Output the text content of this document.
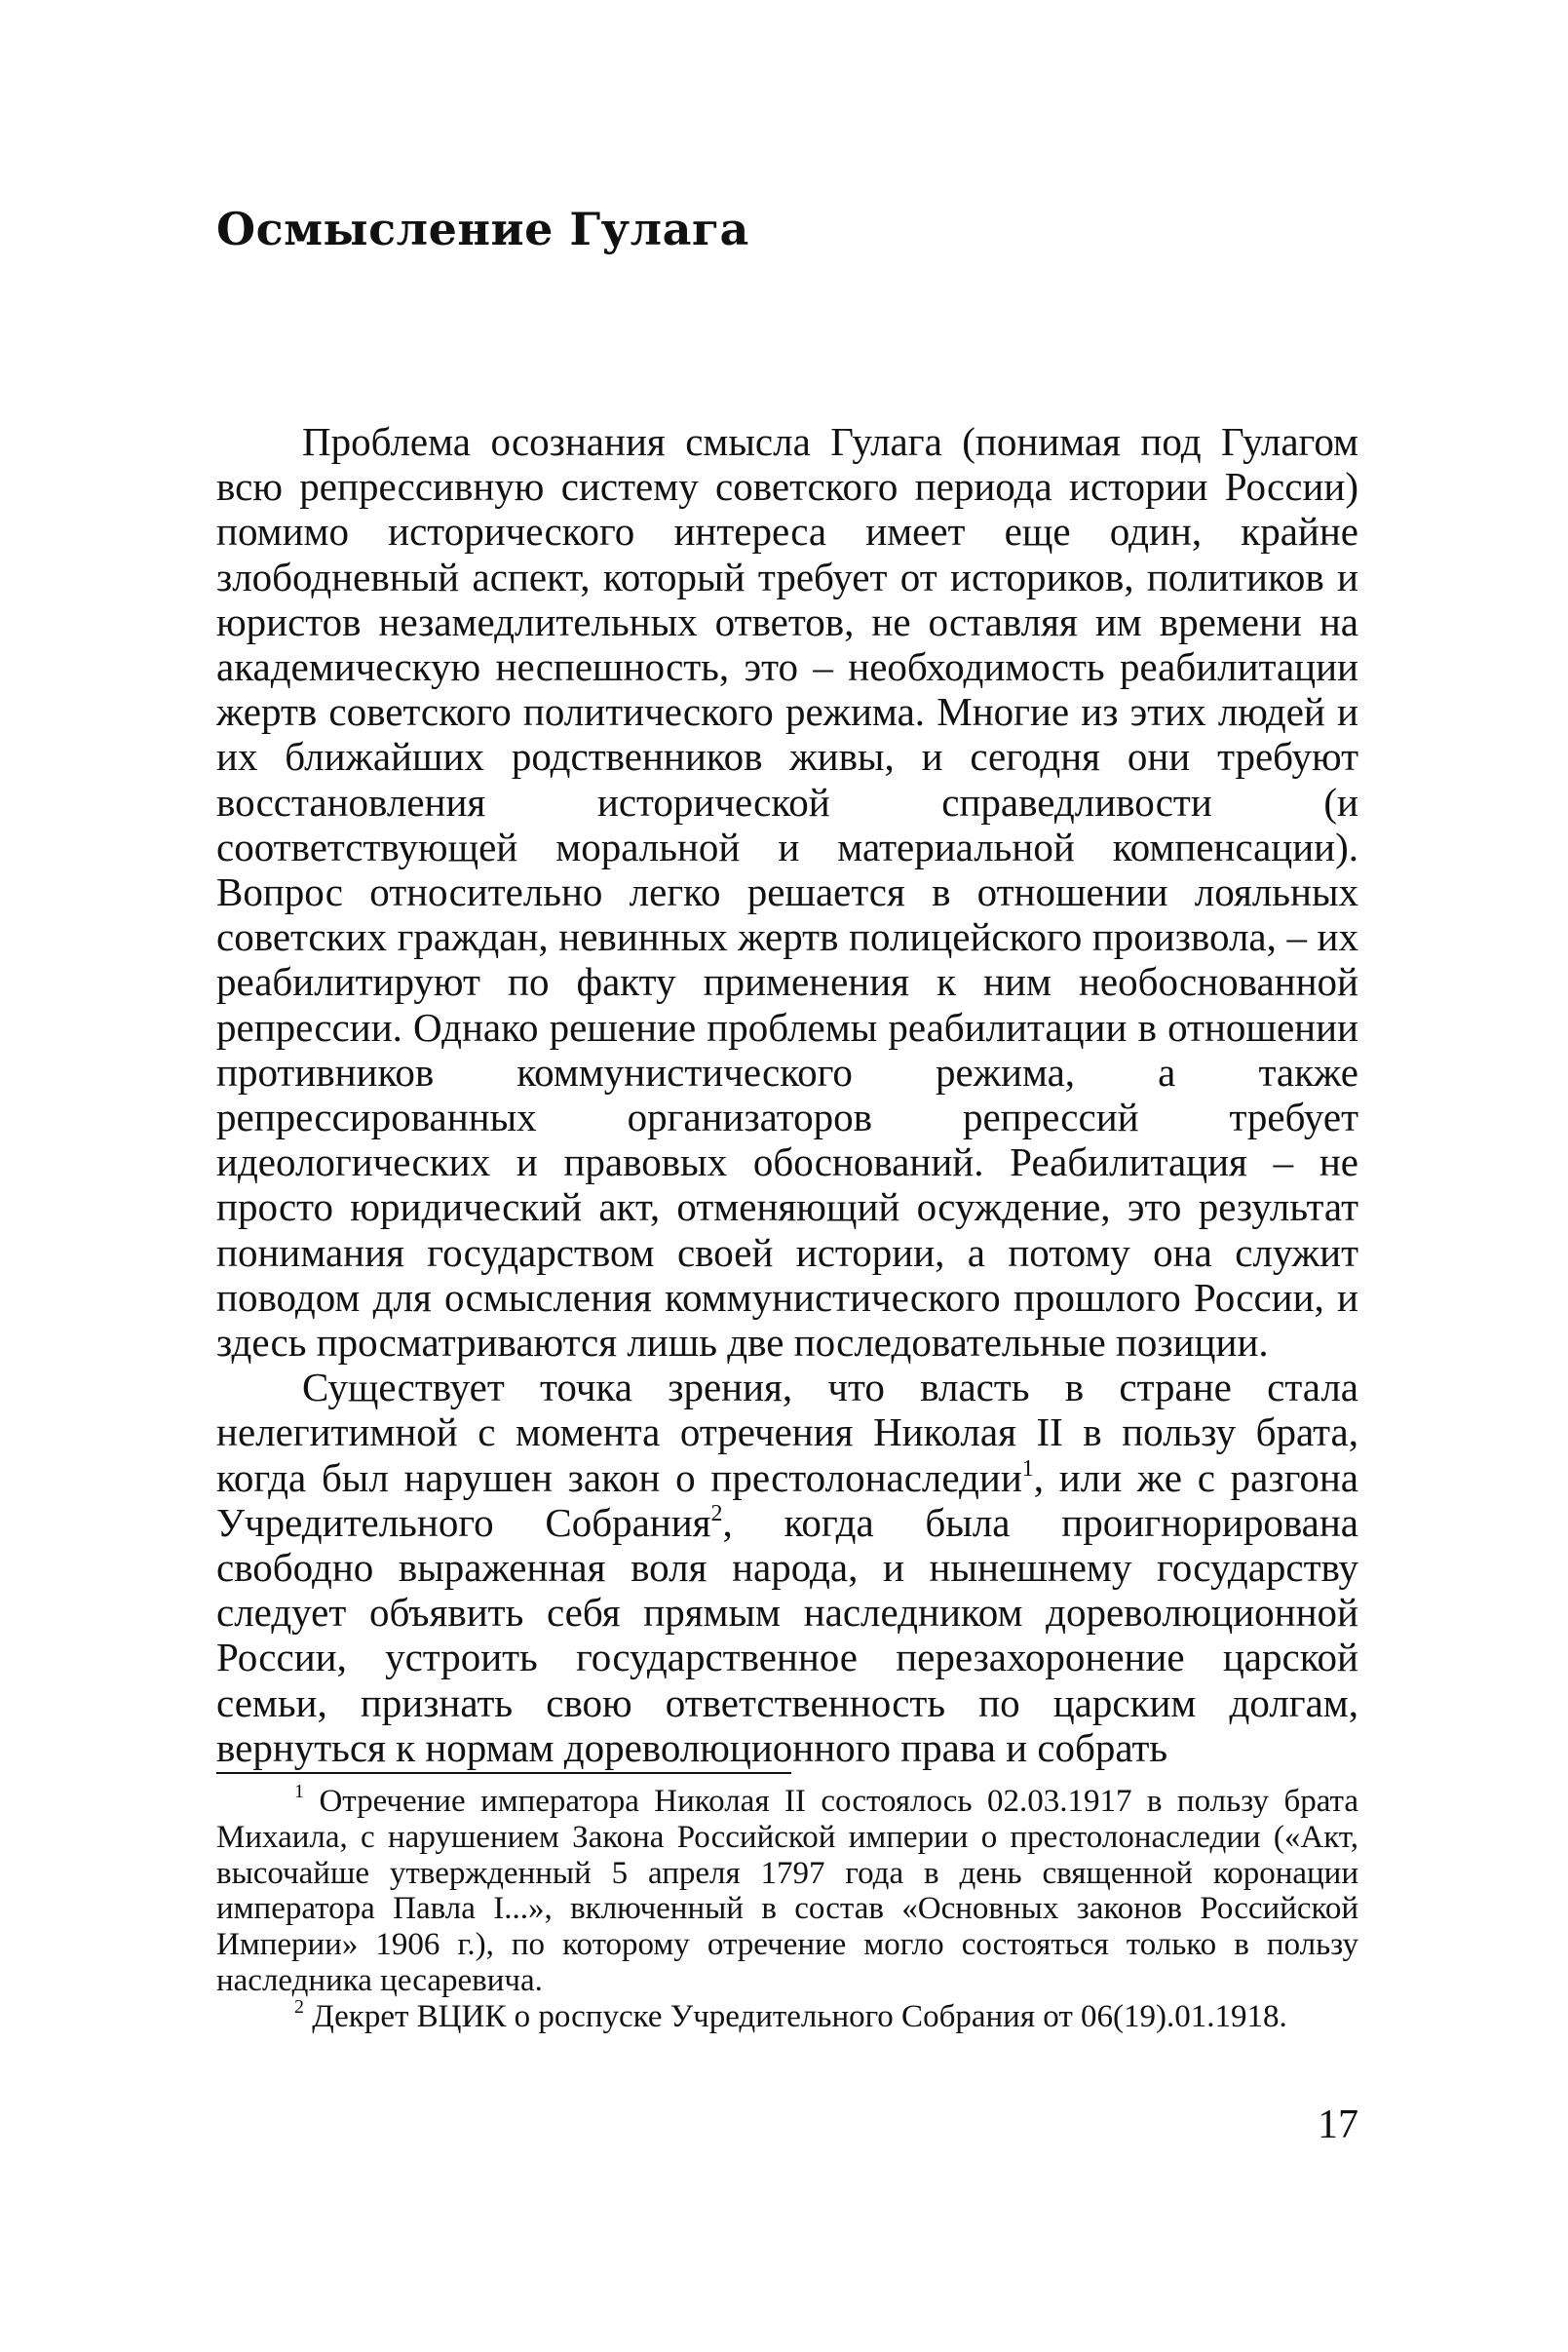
Осмысление Гулага

Проблема осознания смысла Гулага (понимая под Гулагом всю репрессивную систему советского периода истории России) помимо исторического интереса имеет еще один, крайне злободневный аспект, который требует от историков, политиков и юристов незамедлительных ответов, не оставляя им времени на академическую неспешность, это – необходимость реабилитации жертв советского политического режима. Многие из этих людей и их ближайших родственников живы, и сегодня они требуют восстановления исторической справедливости (и соответствующей моральной и материальной компенсации). Вопрос относительно легко решается в отношении лояльных советских граждан, невинных жертв полицейского произвола, – их реабилитируют по факту применения к ним необоснованной репрессии. Однако решение проблемы реабилитации в отношении противников коммунистического режима, а также репрессированных организаторов репрессий требует идеологических и правовых обоснований. Реабилитация – не просто юридический акт, отменяющий осуждение, это результат понимания государством своей истории, а потому она служит поводом для осмысления коммунистического прошлого России, и здесь просматриваются лишь две последовательные позиции.

Существует точка зрения, что власть в стране стала нелегитимной с момента отречения Николая II в пользу брата, когда был нарушен закон о престолонаследии$^1$, или же с разгона Учредительного Собрания$^2$, когда была проигнорирована свободно выраженная воля народа, и нынешнему государству следует объявить себя прямым наследником дореволюционной России, устроить государственное перезахоронение царской семьи, признать свою ответственность по царским долгам, вернуться к нормам дореволюционного права и собрать

$^1$ Отречение императора Николая II состоялось 02.03.1917 в пользу брата Михаила, с нарушением Закона Российской империи о престолонаследии («Акт, высочайше утвержденный 5 апреля 1797 года в день священной коронации императора Павла I...», включенный в состав «Основных законов Российской Империи» 1906 г.), по которому отречение могло состояться только в пользу наследника цесаревича.

$^2$ Декрет ВЦИК о роспуске Учредительного Собрания от 06(19).01.1918.

17
